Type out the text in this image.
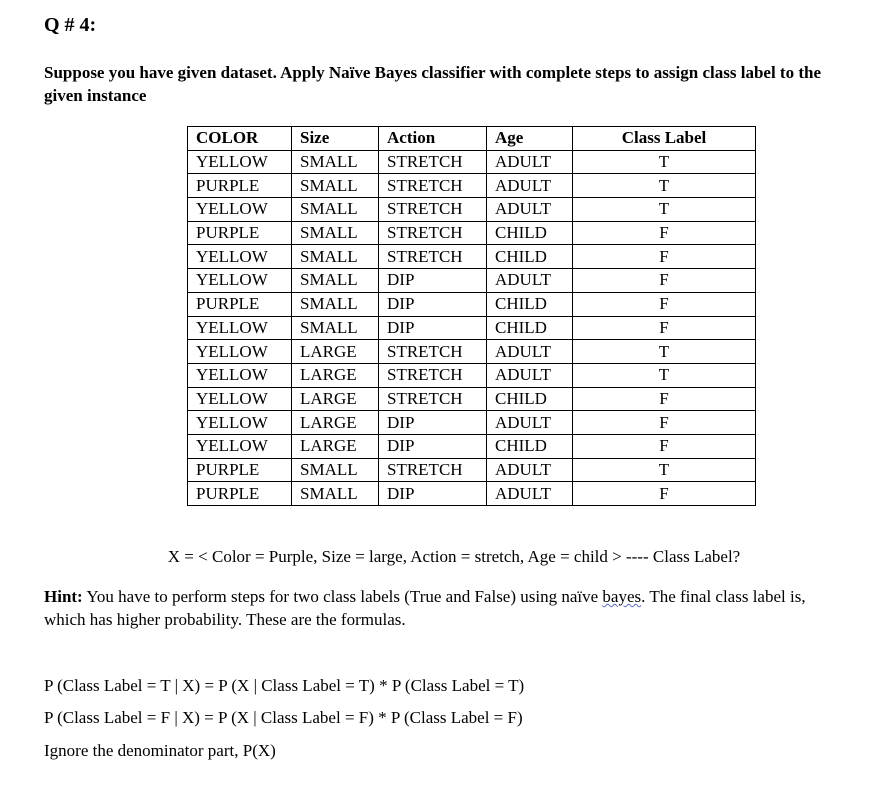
Q # 4:
Suppose you have given dataset. Apply Naïve Bayes classifier with complete steps to assign class label to the given instance
COLOR	Size	Action	Age	Class Label
YELLOW	SMALL	STRETCH	ADULT	T
PURPLE	SMALL	STRETCH	ADULT	T
YELLOW	SMALL	STRETCH	ADULT	T
PURPLE	SMALL	STRETCH	CHILD	F
YELLOW	SMALL	STRETCH	CHILD	F
YELLOW	SMALL	DIP	ADULT	F
PURPLE	SMALL	DIP	CHILD	F
YELLOW	SMALL	DIP	CHILD	F
YELLOW	LARGE	STRETCH	ADULT	T
YELLOW	LARGE	STRETCH	ADULT	T
YELLOW	LARGE	STRETCH	CHILD	F
YELLOW	LARGE	DIP	ADULT	F
YELLOW	LARGE	DIP	CHILD	F
PURPLE	SMALL	STRETCH	ADULT	T
PURPLE	SMALL	DIP	ADULT	F
X = < Color = Purple, Size = large, Action = stretch, Age = child > ---- Class Label?
Hint: You have to perform steps for two class labels (True and False) using naïve bayes. The final class label is, which has higher probability. These are the formulas.
P (Class Label = T | X) = P (X | Class Label = T) * P (Class Label = T)
P (Class Label = F | X) = P (X | Class Label = F) * P (Class Label = F)
Ignore the denominator part, P(X)
